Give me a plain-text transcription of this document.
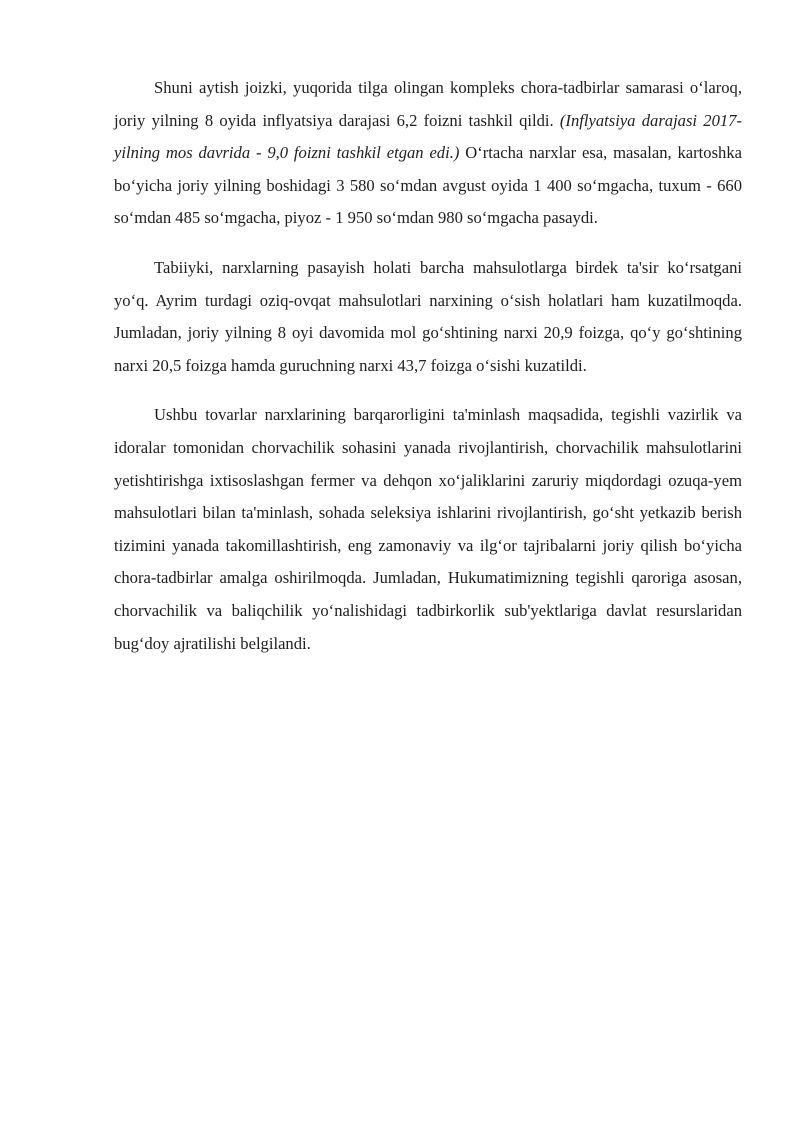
Shuni aytish joizki, yuqorida tilga olingan kompleks chora-tadbirlar samarasi o‘laroq, joriy yilning 8 oyida inflyatsiya darajasi 6,2 foizni tashkil qildi. (Inflyatsiya darajasi 2017-yilning mos davrida - 9,0 foizni tashkil etgan edi.) O‘rtacha narxlar esa, masalan, kartoshka bo‘yicha joriy yilning boshidagi 3 580 so‘mdan avgust oyida 1 400 so‘mgacha, tuxum - 660 so‘mdan 485 so‘mgacha, piyoz - 1 950 so‘mdan 980 so‘mgacha pasaydi.

Tabiiyki, narxlarning pasayish holati barcha mahsulotlarga birdek ta'sir ko‘rsatgani yo‘q. Ayrim turdagi oziq-ovqat mahsulotlari narxining o‘sish holatlari ham kuzatilmoqda. Jumladan, joriy yilning 8 oyi davomida mol go‘shtining narxi 20,9 foizga, qo‘y go‘shtining narxi 20,5 foizga hamda guruchning narxi 43,7 foizga o‘sishi kuzatildi.

Ushbu tovarlar narxlarining barqarorligini ta'minlash maqsadida, tegishli vazirlik va idoralar tomonidan chorvachilik sohasini yanada rivojlantirish, chorvachilik mahsulotlarini yetishtirishga ixtisoslashgan fermer va dehqon xo‘jaliklarini zaruriy miqdordagi ozuqa-yem mahsulotlari bilan ta'minlash, sohada seleksiya ishlarini rivojlantirish, go‘sht yetkazib berish tizimini yanada takomillashtirish, eng zamonaviy va ilg‘or tajribalarni joriy qilish bo‘yicha chora-tadbirlar amalga oshirilmoqda. Jumladan, Hukumatimizning tegishli qaroriga asosan, chorvachilik va baliqchilik yo‘nalishidagi tadbirkorlik sub'yektlariga davlat resurslaridan bug‘doy ajratilishi belgilandi.
